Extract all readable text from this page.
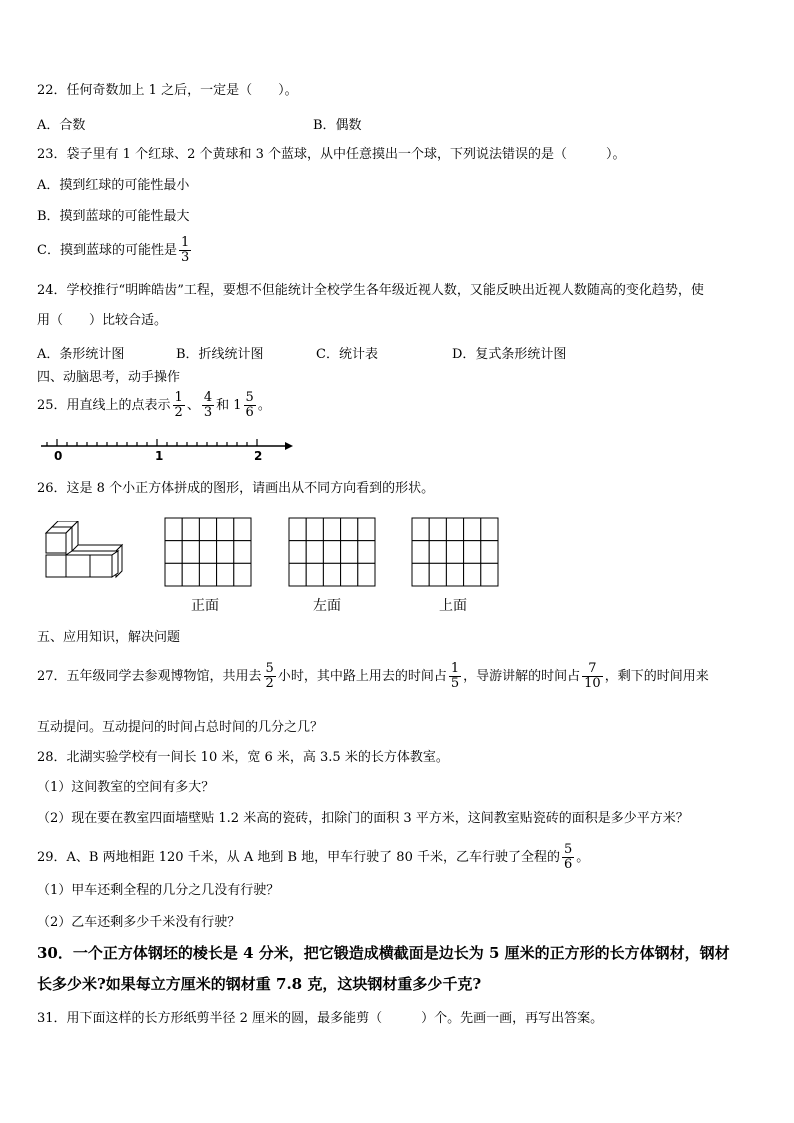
22．任何奇数加上 1 之后，一定是（　　）。
A．合数	B．偶数
23．袋子里有 1 个红球、2 个黄球和 3 个蓝球，从中任意摸出一个球，下列说法错误的是（　　　）。
A．摸到红球的可能性最小
B．摸到蓝球的可能性最大
C．摸到蓝球的可能性是 $\frac{1}{3}$
24．学校推行“明眸皓齿”工程，要想不但能统计全校学生各年级近视人数，又能反映出近视人数随高的变化趋势，使
用（　　）比较合适。
A．条形统计图	B．折线统计图	C．统计表	D．复式条形统计图
四、动脑思考，动手操作
25．用直线上的点表示 $\frac{1}{2}$ 、 $\frac{4}{3}$ 和 $1 \frac{5}{6}$ 。
0	1	2
26．这是 8 个小正方体拼成的图形，请画出从不同方向看到的形状。
正面	左面	上面
五、应用知识，解决问题
27．五年级同学去参观博物馆，共用去 $\frac{5}{2}$ 小时，其中路上用去的时间占 $\frac{1}{5}$ ，导游讲解的时间占 $\frac{7}{10}$ ，剩下的时间用来
互动提问。互动提问的时间占总时间的几分之几？
28．北湖实验学校有一间长 10 米，宽 6 米，高 3.5 米的长方体教室。
（1）这间教室的空间有多大？
（2）现在要在教室四面墙壁贴 1.2 米高的瓷砖，扣除门的面积 3 平方米，这间教室贴瓷砖的面积是多少平方米？
29．A、B 两地相距 120 千米，从 A 地到 B 地，甲车行驶了 80 千米，乙车行驶了全程的 $\frac{5}{6}$ 。
（1）甲车还剩全程的几分之几没有行驶？
（2）乙车还剩多少千米没有行驶？
30．一个正方体钢坯的棱长是 4 分米，把它锻造成横截面是边长为 5 厘米的正方形的长方体钢材，钢材
长多少米?如果每立方厘米的钢材重 7.8 克，这块钢材重多少千克?
31．用下面这样的长方形纸剪半径 2 厘米的圆，最多能剪（　　　）个。先画一画，再写出答案。
